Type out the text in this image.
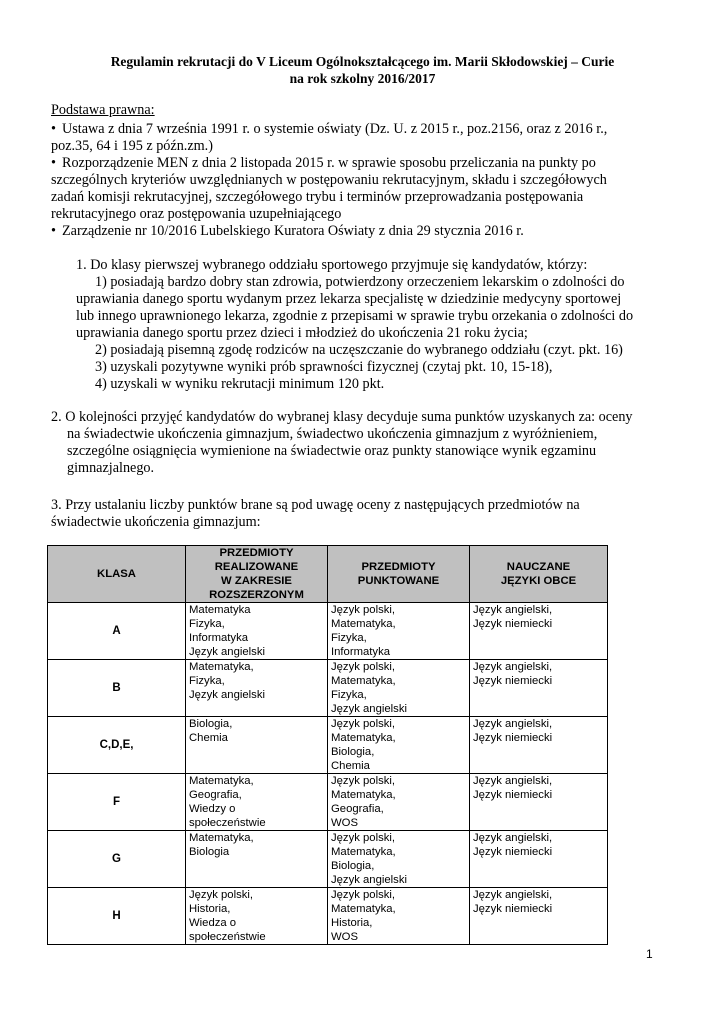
Regulamin rekrutacji do V Liceum Ogólnokształcącego im. Marii Skłodowskiej – Curie
na rok szkolny 2016/2017
Podstawa prawna:
• Ustawa z dnia 7 września 1991 r. o systemie oświaty (Dz. U. z 2015 r., poz.2156, oraz z 2016 r.,
poz.35, 64 i 195 z późn.zm.)
• Rozporządzenie MEN z dnia 2 listopada 2015 r. w sprawie sposobu przeliczania na punkty po
szczególnych kryteriów uwzględnianych w postępowaniu rekrutacyjnym, składu i szczegółowych
zadań komisji rekrutacyjnej, szczegółowego trybu i terminów przeprowadzania postępowania
rekrutacyjnego oraz postępowania uzupełniającego
• Zarządzenie nr 10/2016 Lubelskiego Kuratora Oświaty z dnia 29 stycznia 2016 r.
1. Do klasy pierwszej wybranego oddziału sportowego przyjmuje się kandydatów, którzy:
1) posiadają bardzo dobry stan zdrowia, potwierdzony orzeczeniem lekarskim o zdolności do
uprawiania danego sportu wydanym przez lekarza specjalistę w dziedzinie medycyny sportowej
lub innego uprawnionego lekarza, zgodnie z przepisami w sprawie trybu orzekania o zdolności do
uprawiania danego sportu przez dzieci i młodzież do ukończenia 21 roku życia;
2) posiadają pisemną zgodę rodziców na uczęszczanie do wybranego oddziału (czyt. pkt. 16)
3) uzyskali pozytywne wyniki prób sprawności fizycznej (czytaj pkt. 10, 15-18),
4) uzyskali w wyniku rekrutacji minimum 120 pkt.
2. O kolejności przyjęć kandydatów do wybranej klasy decyduje suma punktów uzyskanych za: oceny
na świadectwie ukończenia gimnazjum, świadectwo ukończenia gimnazjum z wyróżnieniem,
szczególne osiągnięcia wymienione na świadectwie oraz punkty stanowiące wynik egzaminu
gimnazjalnego.
3. Przy ustalaniu liczby punktów brane są pod uwagę oceny z następujących przedmiotów na
świadectwie ukończenia gimnazjum:
KLASA	PRZEDMIOTY
REALIZOWANE
W ZAKRESIE
ROZSZERZONYM	PRZEDMIOTY
PUNKTOWANE	NAUCZANE
JĘZYKI OBCE

A	Matematyka
Fizyka,
Informatyka
Język angielski	Język polski,
Matematyka,
Fizyka,
Informatyka	Język angielski,
Język niemiecki

B	Matematyka,
Fizyka,
Język angielski	Język polski,
Matematyka,
Fizyka,
Język angielski	Język angielski,
Język niemiecki

C,D,E,	Biologia,
Chemia	Język polski,
Matematyka,
Biologia,
Chemia	Język angielski,
Język niemiecki

F	Matematyka,
Geografia,
Wiedzy o
społeczeństwie	Język polski,
Matematyka,
Geografia,
WOS	Język angielski,
Język niemiecki

G	Matematyka,
Biologia	Język polski,
Matematyka,
Biologia,
Język angielski	Język angielski,
Język niemiecki

H	Język polski,
Historia,
Wiedza o
społeczeństwie	Język polski,
Matematyka,
Historia,
WOS	Język angielski,
Język niemiecki
1
